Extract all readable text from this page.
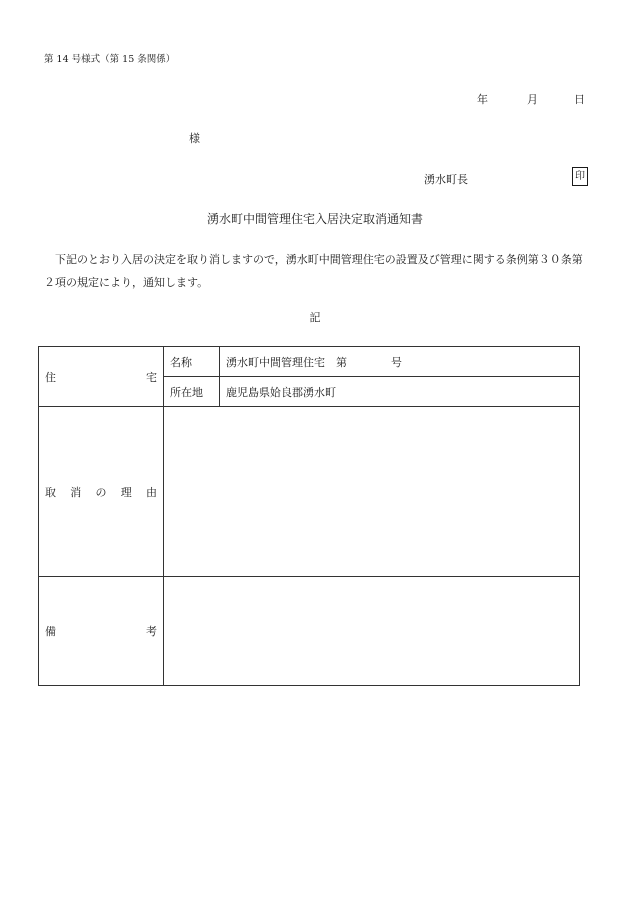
第 14 号様式（第 15 条関係）
年	月	日
様
湧水町長	印
湧水町中間管理住宅入居決定取消通知書
下記のとおり入居の決定を取り消しますので，湧水町中間管理住宅の設置及び管理に関する条例第３０条第２項の規定により，通知します。
記
住 宅	名称	湧水町中間管理住宅　第　　　　号
	所在地	鹿児島県姶良郡湧水町

取 消 の 理 由		

備 考		
